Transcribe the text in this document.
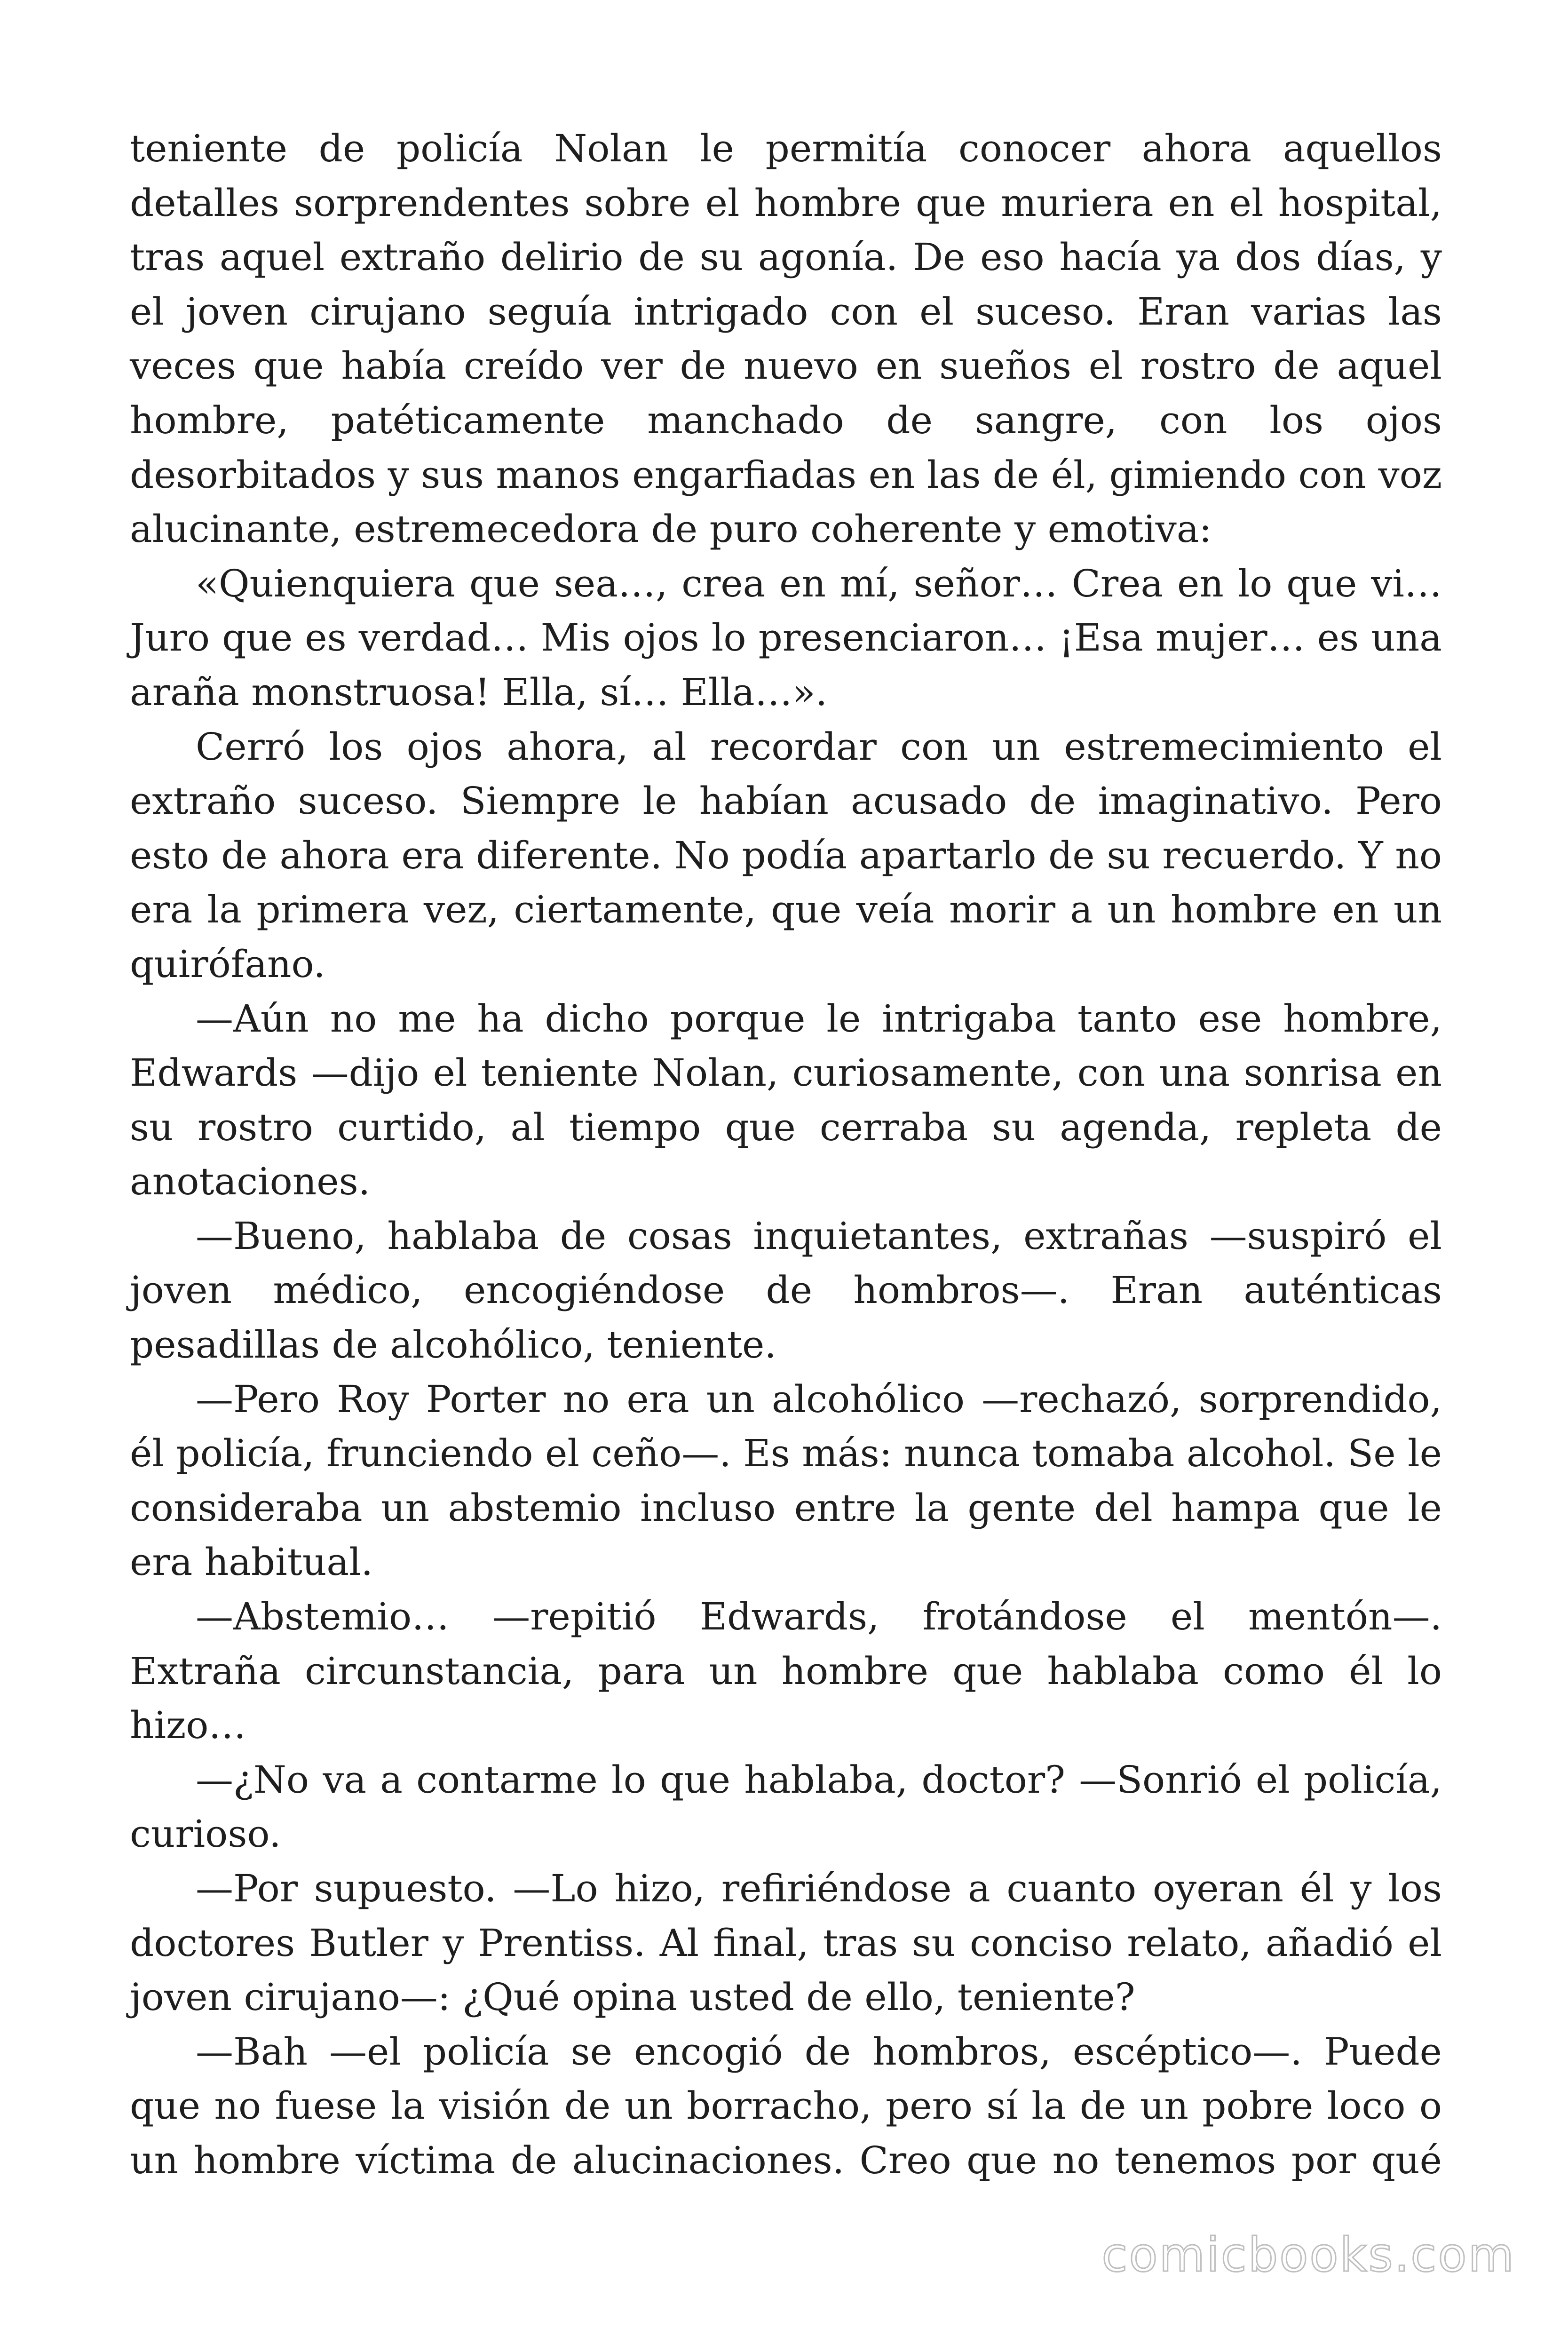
teniente de policía Nolan le permitía conocer ahora aquellos detalles sorprendentes sobre el hombre que muriera en el hospital, tras aquel extraño delirio de su agonía. De eso hacía ya dos días, y el joven cirujano seguía intrigado con el suceso. Eran varias las veces que había creído ver de nuevo en sueños el rostro de aquel hombre, patéticamente manchado de sangre, con los ojos desorbitados y sus manos engarfiadas en las de él, gimiendo con voz alucinante, estremecedora de puro coherente y emotiva:

«Quienquiera que sea…, crea en mí, señor… Crea en lo que vi… Juro que es verdad… Mis ojos lo presenciaron… ¡Esa mujer… es una araña monstruosa! Ella, sí… Ella…».

Cerró los ojos ahora, al recordar con un estremecimiento el extraño suceso. Siempre le habían acusado de imaginativo. Pero esto de ahora era diferente. No podía apartarlo de su recuerdo. Y no era la primera vez, ciertamente, que veía morir a un hombre en un quirófano.

—Aún no me ha dicho porque le intrigaba tanto ese hombre, Edwards —dijo el teniente Nolan, curiosamente, con una sonrisa en su rostro curtido, al tiempo que cerraba su agenda, repleta de anotaciones.

—Bueno, hablaba de cosas inquietantes, extrañas —suspiró el joven médico, encogiéndose de hombros—. Eran auténticas pesadillas de alcohólico, teniente.

—Pero Roy Porter no era un alcohólico —rechazó, sorprendido, él policía, frunciendo el ceño—. Es más: nunca tomaba alcohol. Se le consideraba un abstemio incluso entre la gente del hampa que le era habitual.

—Abstemio… —repitió Edwards, frotándose el mentón—. Extraña circunstancia, para un hombre que hablaba como él lo hizo…

—¿No va a contarme lo que hablaba, doctor? —Sonrió el policía, curioso.

—Por supuesto. —Lo hizo, refiriéndose a cuanto oyeran él y los doctores Butler y Prentiss. Al final, tras su conciso relato, añadió el joven cirujano—: ¿Qué opina usted de ello, teniente?

—Bah —el policía se encogió de hombros, escéptico—. Puede que no fuese la visión de un borracho, pero sí la de un pobre loco o un hombre víctima de alucinaciones. Creo que no tenemos por qué

comicbooks.com
